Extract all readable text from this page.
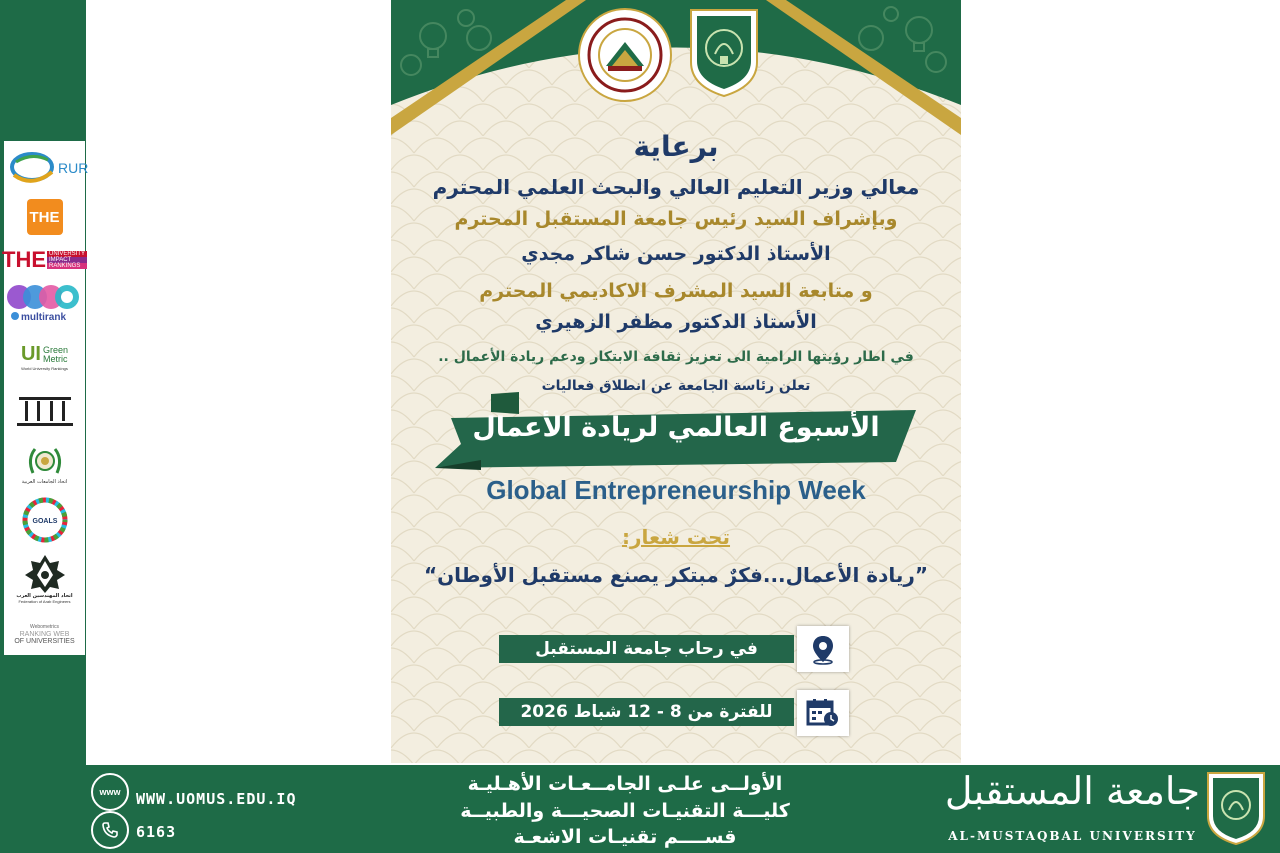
RUR
THE
THE UNIVERSITY
IMPACT
RANKINGS
multirank
UI Green
Metric
World University Rankings
اتحاد الجامعات العربية
GOALS
اتحاد المهندسين العرب
Federation of Arab Engineers
Webometrics
RANKING WEB
OF UNIVERSITIES
برعاية
معالي وزير التعليم العالي والبحث العلمي المحترم
وبإشراف السيد رئيس جامعة المستقبل المحترم
الأستاذ الدكتور حسن شاكر مجدي
و متابعة السيد المشرف الاكاديمي المحترم
الأستاذ الدكتور مظفر الزهيري
في اطار رؤيتها الرامية الى تعزيز ثقافة الابتكار ودعم ريادة الأعمال ..
تعلن رئاسة الجامعة عن انطلاق فعاليات
الأسبوع العالمي لريادة الأعمال
Global Entrepreneurship Week
تحت شعار:
”ريادة الأعمال...فكرٌ مبتكر يصنع مستقبل الأوطان“
في رحاب جامعة المستقبل
للفترة من 8 - 12 شباط 2026
www WWW.UOMUS.EDU.IQ
6163
الأولــى علـى الجامــعـات الأهـليـة
كليـــة التقنيـات الصحيـــة والطبيــة
قســــم تقنيـات الاشعـة
جامعة المستقبل
AL-MUSTAQBAL UNIVERSITY
